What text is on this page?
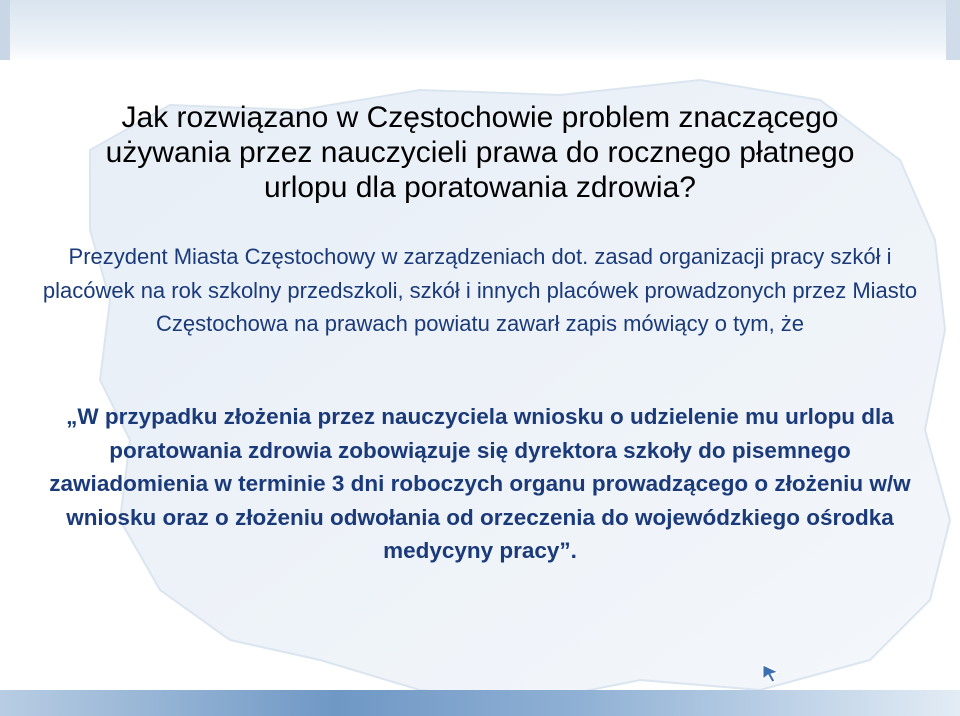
Jak rozwiązano w Częstochowie problem znaczącego używania przez nauczycieli prawa do rocznego płatnego urlopu dla poratowania zdrowia?

Prezydent Miasta Częstochowy w zarządzeniach dot. zasad organizacji pracy szkół i placówek na rok szkolny przedszkoli, szkół i innych placówek prowadzonych przez Miasto Częstochowa na prawach powiatu zawarł zapis mówiący o tym, że

„W przypadku złożenia przez nauczyciela wniosku o udzielenie mu urlopu dla poratowania zdrowia zobowiązuje się dyrektora szkoły do pisemnego zawiadomienia w terminie 3 dni roboczych organu prowadzącego o złożeniu w/w wniosku oraz o złożeniu odwołania od orzeczenia do wojewódzkiego ośrodka medycyny pracy”.
